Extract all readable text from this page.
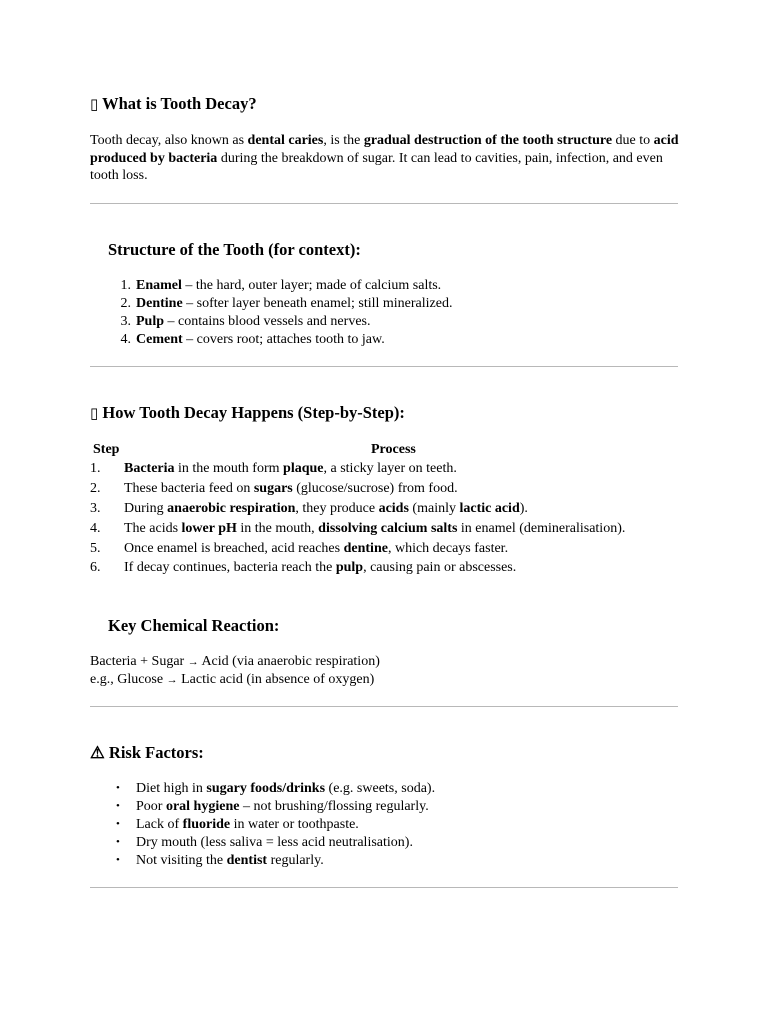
▯ What is Tooth Decay?

Tooth decay, also known as dental caries, is the gradual destruction of the tooth structure due to acid produced by bacteria during the breakdown of sugar. It can lead to cavities, pain, infection, and even tooth loss.

Structure of the Tooth (for context):
1. Enamel – the hard, outer layer; made of calcium salts.
2. Dentine – softer layer beneath enamel; still mineralized.
3. Pulp – contains blood vessels and nerves.
4. Cement – covers root; attaches tooth to jaw.
▯ How Tooth Decay Happens (Step-by-Step):
Step	Process
1. Bacteria in the mouth form plaque, a sticky layer on teeth.
2. These bacteria feed on sugars (glucose/sucrose) from food.
3. During anaerobic respiration, they produce acids (mainly lactic acid).
4. The acids lower pH in the mouth, dissolving calcium salts in enamel (demineralisation).
5. Once enamel is breached, acid reaches dentine, which decays faster.
6. If decay continues, bacteria reach the pulp, causing pain or abscesses.
Key Chemical Reaction:
Bacteria + Sugar → Acid (via anaerobic respiration)
e.g., Glucose → Lactic acid (in absence of oxygen)
⚠ Risk Factors:
• Diet high in sugary foods/drinks (e.g. sweets, soda).
• Poor oral hygiene – not brushing/flossing regularly.
• Lack of fluoride in water or toothpaste.
• Dry mouth (less saliva = less acid neutralisation).
• Not visiting the dentist regularly.
